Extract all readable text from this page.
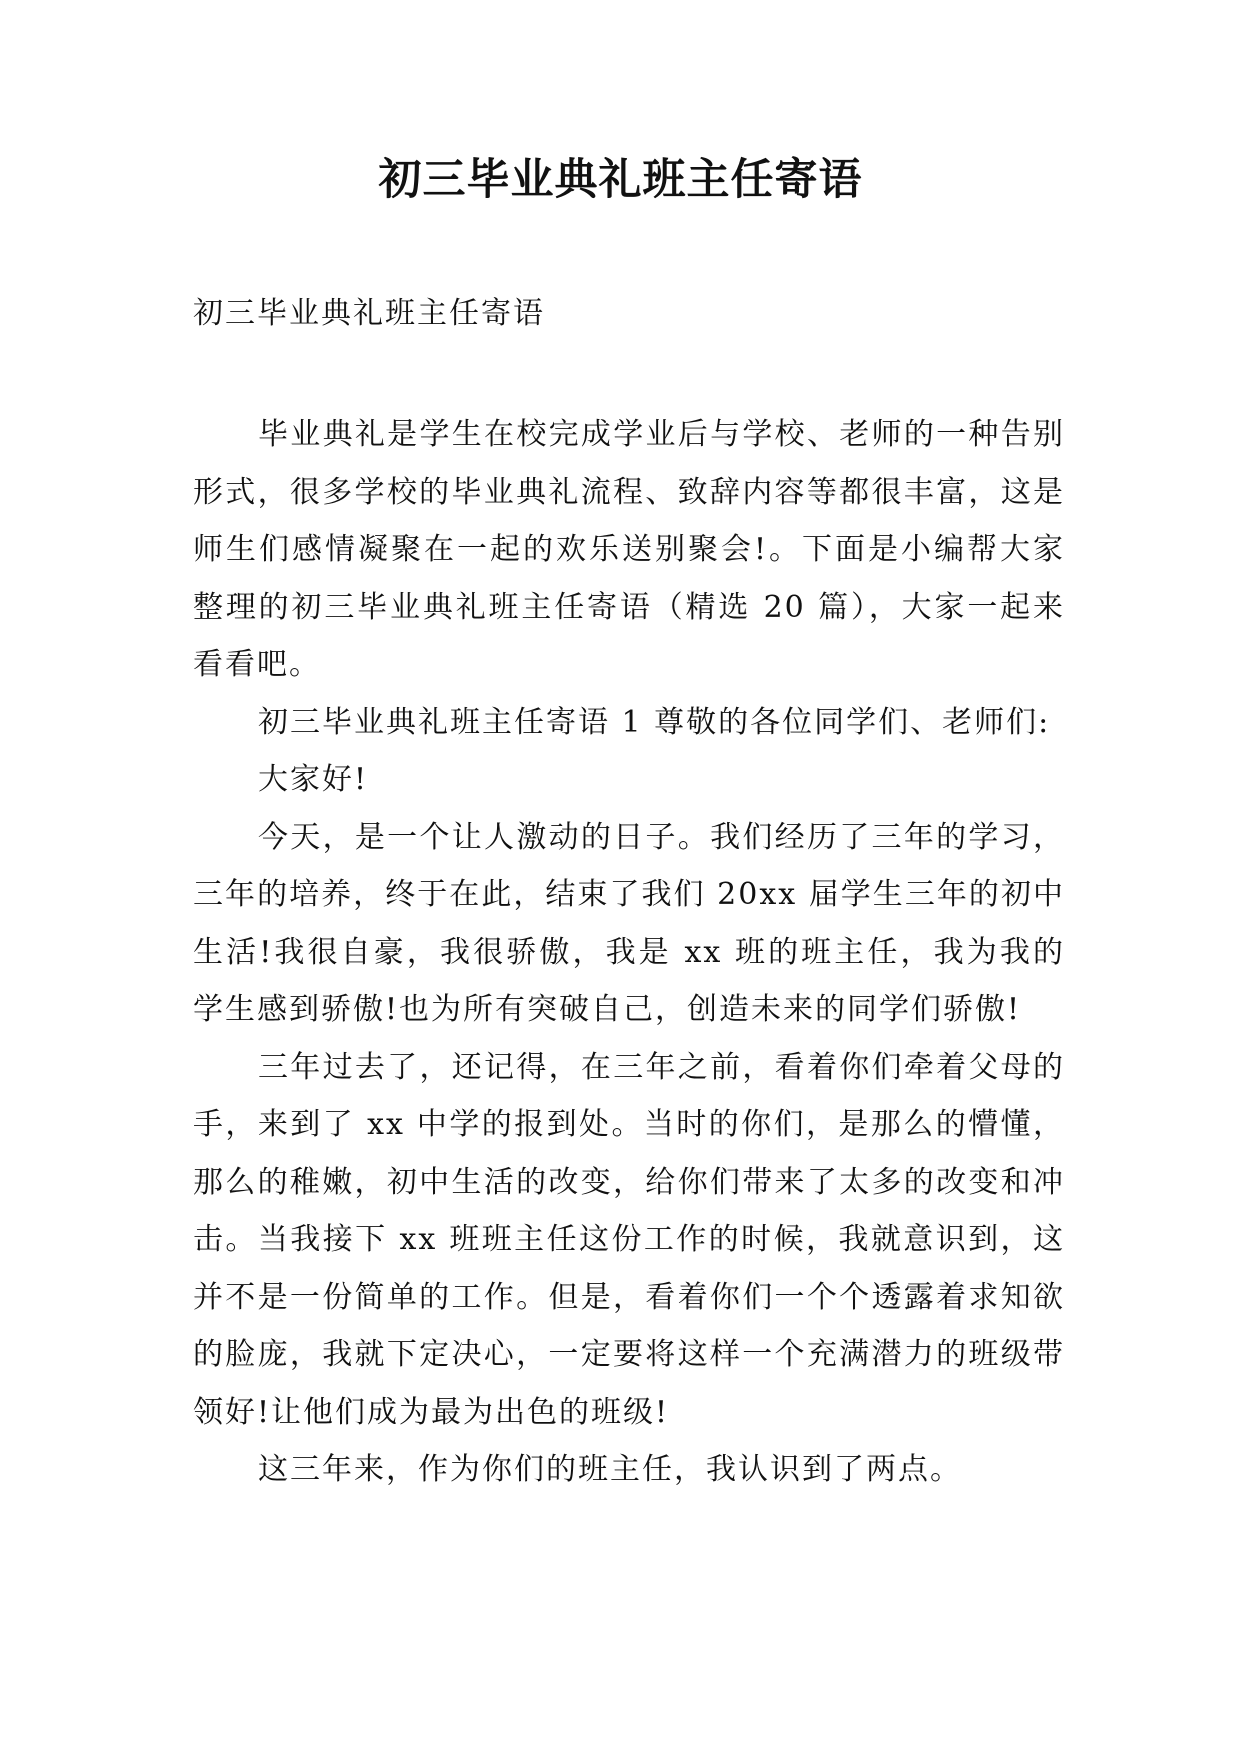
初三毕业典礼班主任寄语

初三毕业典礼班主任寄语

毕业典礼是学生在校完成学业后与学校、老师的一种告别形式，很多学校的毕业典礼流程、致辞内容等都很丰富，这是师生们感情凝聚在一起的欢乐送别聚会!。下面是小编帮大家整理的初三毕业典礼班主任寄语（精选 20 篇），大家一起来看看吧。

初三毕业典礼班主任寄语 1 尊敬的各位同学们、老师们:

大家好!

今天，是一个让人激动的日子。我们经历了三年的学习，三年的培养，终于在此，结束了我们 20xx 届学生三年的初中生活!我很自豪，我很骄傲，我是 xx 班的班主任，我为我的学生感到骄傲!也为所有突破自己，创造未来的同学们骄傲!

三年过去了，还记得，在三年之前，看着你们牵着父母的手，来到了 xx 中学的报到处。当时的你们，是那么的懵懂，那么的稚嫩，初中生活的改变，给你们带来了太多的改变和冲击。当我接下 xx 班班主任这份工作的时候，我就意识到，这并不是一份简单的工作。但是，看着你们一个个透露着求知欲的脸庞，我就下定决心，一定要将这样一个充满潜力的班级带领好!让他们成为最为出色的班级!

这三年来，作为你们的班主任，我认识到了两点。
